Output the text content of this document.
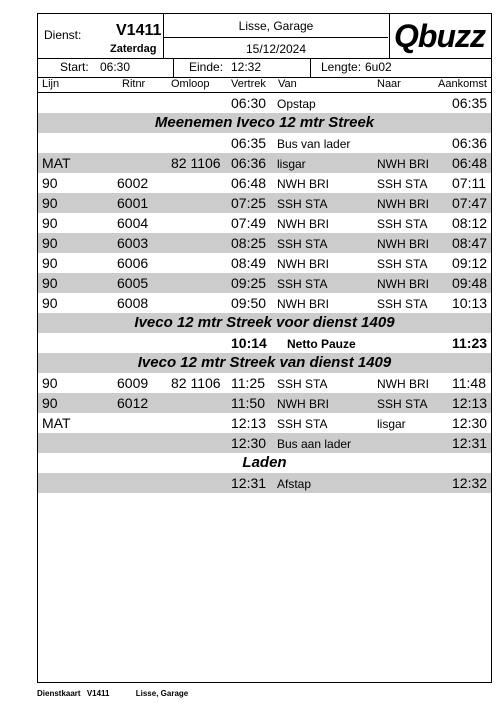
Dienst: V1411
Zaterdag
Lisse, Garage
15/12/2024	Qbuzz
Start: 06:30	Einde: 12:32	Lengte: 6u02
Lijn	Ritnr Omloop Vertrek Van	Naar	Aankomst
06:30 Opstap	06:35
Meenemen Iveco 12 mtr Streek
06:35 Bus van lader	06:36
MAT	82 1106 06:36 lisgar	NWH BRI 06:48
90	6002	06:48 NWH BRI	SSH STA 07:11
90	6001	07:25 SSH STA	NWH BRI 07:47
90	6004	07:49 NWH BRI	SSH STA 08:12
90	6003	08:25 SSH STA	NWH BRI 08:47
90	6006	08:49 NWH BRI	SSH STA 09:12
90	6005	09:25 SSH STA	NWH BRI 09:48
90	6008	09:50 NWH BRI	SSH STA 10:13
Iveco 12 mtr Streek voor dienst 1409
10:14 Netto Pauze	11:23
Iveco 12 mtr Streek van dienst 1409
90	6009 82 1106 11:25 SSH STA	NWH BRI 11:48
90	6012	11:50 NWH BRI	SSH STA 12:13
MAT	12:13 SSH STA	lisgar	12:30
12:30 Bus aan lader	12:31
Laden
12:31 Afstap	12:32
Dienstkaart V1411	Lisse, Garage
